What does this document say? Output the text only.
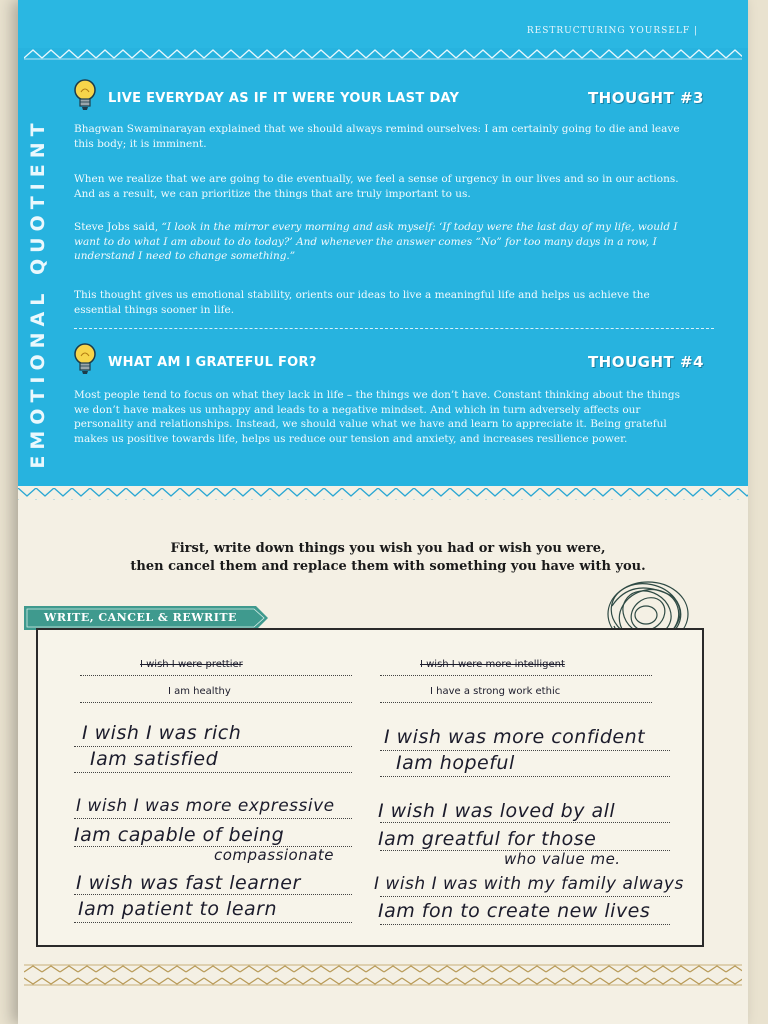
RESTRUCTURING YOURSELF |
EMOTIONAL QUOTIENT
LIVE EVERYDAY AS IF IT WERE YOUR LAST DAY	THOUGHT #3
Bhagwan Swaminarayan explained that we should always remind ourselves: I am certainly going to die and leave this body; it is imminent.
When we realize that we are going to die eventually, we feel a sense of urgency in our lives and so in our actions. And as a result, we can prioritize the things that are truly important to us.
Steve Jobs said, “I look in the mirror every morning and ask myself: ‘If today were the last day of my life, would I want to do what I am about to do today?’ And whenever the answer comes “No” for too many days in a row, I understand I need to change something.”
This thought gives us emotional stability, orients our ideas to live a meaningful life and helps us achieve the essential things sooner in life.
WHAT AM I GRATEFUL FOR?	THOUGHT #4
Most people tend to focus on what they lack in life – the things we don’t have. Constant thinking about the things we don’t have makes us unhappy and leads to a negative mindset. And which in turn adversely affects our personality and relationships. Instead, we should value what we have and learn to appreciate it. Being grateful makes us positive towards life, helps us reduce our tension and anxiety, and increases resilience power.
First, write down things you wish you had or wish you were,
then cancel them and replace them with something you have with you.
WRITE, CANCEL & REWRITE
I wish I were prettier
I am healthy
I wish I were more intelligent
I have a strong work ethic
I wish I was rich
Iam satisfied
I wish was more confident
Iam hopeful
I wish I was more expressive
Iam capable of being
compassionate
I wish I was loved by all
Iam greatful for those
who value me.
I wish was fast learner
Iam patient to learn
I wish I was with my family always
Iam fon to create new lives
